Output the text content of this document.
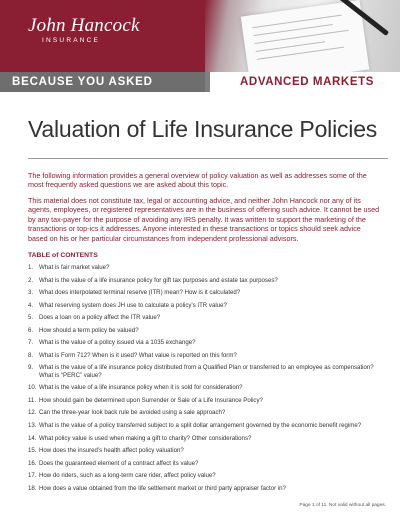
John Hancock
INSURANCE
BECAUSE YOU ASKED	ADVANCED MARKETS
Valuation of Life Insurance Policies

The following information provides a general overview of policy valuation as well as addresses some of the most frequently asked questions we are asked about this topic.

This material does not constitute tax, legal or accounting advice, and neither John Hancock nor any of its agents, employees, or registered representatives are in the business of offering such advice. It cannot be used by any tax-payer for the purpose of avoiding any IRS penalty. It was written to support the marketing of the transactions or top-ics it addresses. Anyone interested in these transactions or topics should seek advice based on his or her particular circumstances from independent professional advisors.

TABLE of CONTENTS
1. What is fair market value?
2. What is the value of a life insurance policy for gift tax purposes and estate tax purposes?
3. What does interpolated terminal reserve (ITR) mean? How is it calculated?
4. What reserving system does JH use to calculate a policy’s ITR value?
5. Does a loan on a policy affect the ITR value?
6. How should a term policy be valued?
7. What is the value of a policy issued via a 1035 exchange?
8. What is Form 712? When is it used? What value is reported on this form?
9. What is the value of a life insurance policy distributed from a Qualified Plan or transferred to an employee as compensation? What is “PERC” value?
10. What is the value of a life insurance policy when it is sold for consideration?
11. How should gain be determined upon Surrender or Sale of a Life Insurance Policy?
12. Can the three-year look back rule be avoided using a sale approach?
13. What is the value of a policy transferred subject to a split dollar arrangement governed by the economic benefit regime?
14. What policy value is used when making a gift to charity? Other considerations?
15. How does the insured’s health affect policy valuation?
16. Does the guaranteed element of a contract affect its value?
17. How do riders, such as a long-term care rider, affect policy value?
18. How does a value obtained from the life settlement market or third party appraiser factor in?
Page 1 of 11. Not valid without all pages.
